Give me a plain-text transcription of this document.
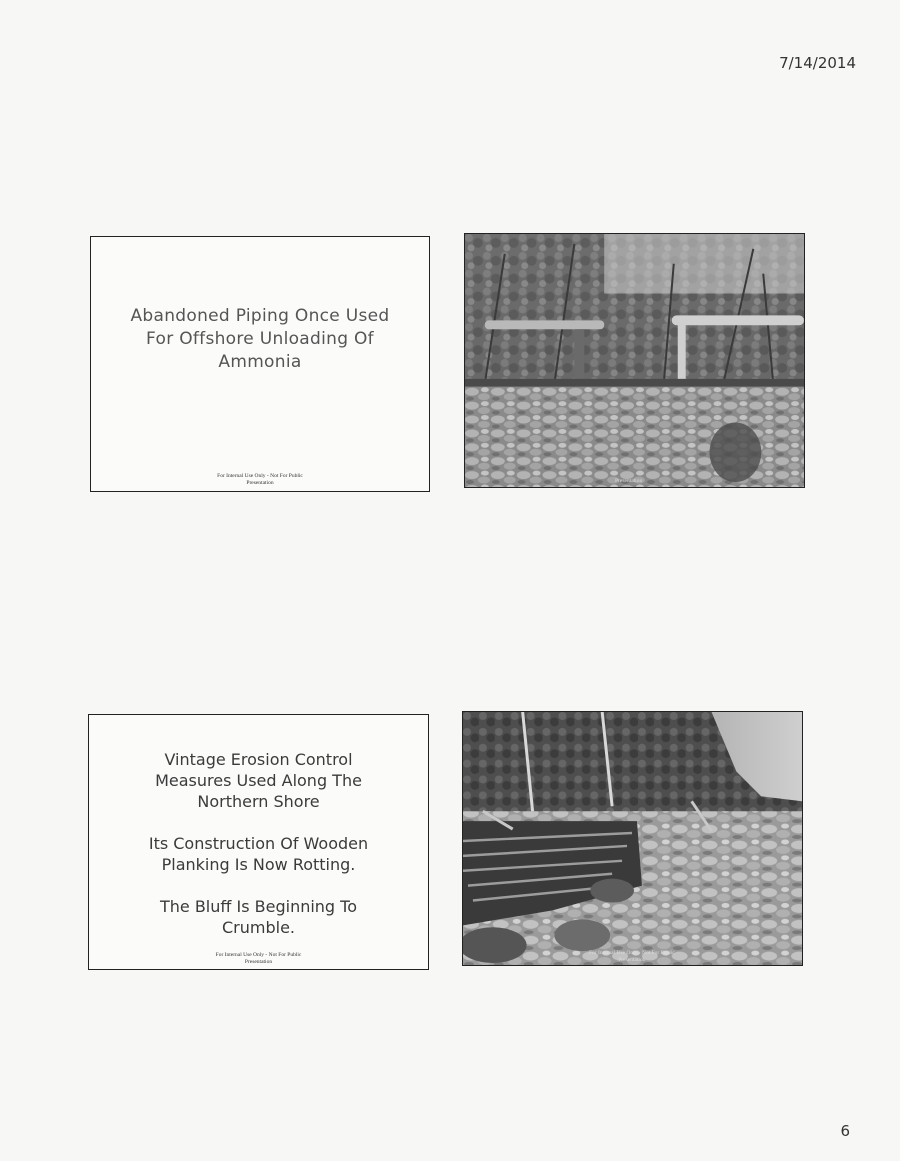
7/14/2014
Abandoned Piping Once Used
For Offshore Unloading Of
Ammonia
For Internal Use Only - Not For Public
Presentation	Presentation

Vintage Erosion Control
Measures Used Along The
Northern Shore

Its Construction Of Wooden
Planking Is Now Rotting.

The Bluff Is Beginning To
Crumble.

For Internal Use Only - Not For Public
Presentation
For Internal Use Only - Not For Public
Presentation
6
